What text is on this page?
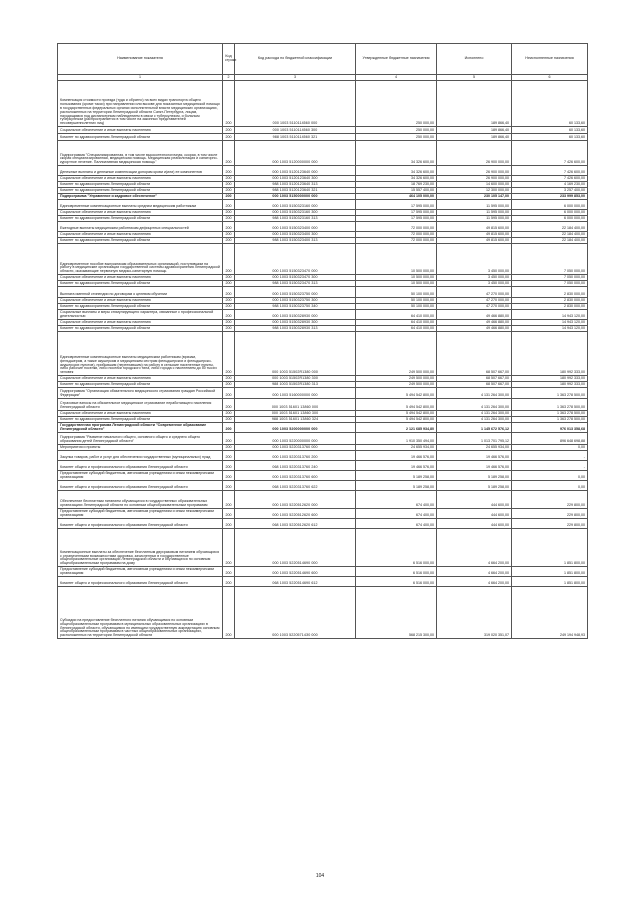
Наименование показателя	Код строки	Код расхода по бюджетной классификации	Утвержденные бюджетные назначения	Исполнено	Неисполненные назначения
1	2	3	4	5	6
Компенсация стоимости проезда (туда и обратно) на всех видах транспорта общего пользования (кроме такси) при направлении или вызове для показанных медицинской помощи в государственных федеральных органах исполнительной власти медицинских организациях, расположенных на территории Ленинградской области Санкт-Петербурга, лицам, находящимся под диспансерным наблюдением в связи с туберкулезом, и больным туберкулезом (распространяется в том числе на законных представителей несовершеннолетних лиц)	200	000 1003 5110114560 000	250 000,00	189 866,40	60 133,60
Социальное обеспечение и иные выплаты населению	200	000 1003 5110114560 300	250 000,00	189 866,40	60 133,60
Комитет по здравоохранению Ленинградской области	200	988 1003 5110114560 321	250 000,00	189 866,40	60 133,60
Подпрограмма "Специализированная, в том числе высокотехнологичная, скорая, в том числе скорая специализированная, медицинская помощь. Медицинская реабилитация и санаторно-курортное лечение. Паллиативная медицинская помощь"	200	000 1003 5120000000 000	34 326 600,00	26 900 000,00	7 426 600,00
Денежные выплаты и денежные компенсации донорам крови и(или) ее компонентов	200	000 1003 5120123640 000	34 326 600,00	26 900 000,00	7 426 600,00
Социальное обеспечение и иные выплаты населению	200	000 1003 5120123640 300	34 326 600,00	26 900 000,00	7 426 600,00
Комитет по здравоохранению Ленинградской области	200	988 1003 5120123640 313	18 769 230,00	14 600 000,00	4 169 230,00
Комитет по здравоохранению Ленинградской области	200	988 1003 5120123640 321	15 557 400,00	12 300 000,00	3 257 400,00
Подпрограмма "Управление и кадровое обеспечение"	200	000 1003 5150000000 000	464 105 000,00	230 105 147,00	233 999 853,00
Единовременные компенсационные выплаты средним медицинским работникам	200	000 1003 5150323160 000	17 595 000,00	11 595 000,00	6 000 000,00
Социальное обеспечение и иные выплаты населению	200	000 1003 5150323160 300	17 595 000,00	11 595 000,00	6 000 000,00
Комитет по здравоохранению Ленинградской области	200	988 1003 5150323160 313	17 595 000,00	11 595 000,00	6 000 000,00
Ежегодные выплаты медицинским работникам дефицитных специальностей	200	000 1003 5150323400 000	72 000 000,00	49 815 600,00	22 184 400,00
Социальное обеспечение и иные выплаты населению	200	000 1003 5150323400 300	72 000 000,00	49 815 600,00	22 184 400,00
Комитет по здравоохранению Ленинградской области	200	988 1003 5150323400 313	72 000 000,00	49 815 600,00	22 184 400,00
Единовременное пособие выпускникам образовательных организаций, поступившим на работу в медицинские организации государственной системы здравоохранения Ленинградской области, оказывающие первичную медико-санитарную помощь	200	000 1003 5150323470 000	10 500 000,00	3 450 000,00	7 050 000,00
Социальное обеспечение и иные выплаты населению	200	000 1003 5150323470 300	10 500 000,00	3 450 000,00	7 050 000,00
Комитет по здравоохранению Ленинградской области	200	988 1003 5150323470 313	10 500 000,00	3 450 000,00	7 050 000,00
Выплата именной стипендии по договорам о целевом обучении	200	000 1003 5150323750 000	50 100 000,00	47 270 000,00	2 830 000,00
Социальное обеспечение и иные выплаты населению	200	000 1003 5150323750 300	50 100 000,00	47 270 000,00	2 830 000,00
Комитет по здравоохранению Ленинградской области	200	988 1003 5150323750 340	50 100 000,00	47 270 000,00	2 830 000,00
Социальные выплаты и меры стимулирующего характера, связанные с профессиональной деятельностью	200	000 1003 5150328930 000	64 410 000,00	49 466 880,00	14 943 120,00
Социальное обеспечение и иные выплаты населению	200	000 1003 5150328930 300	64 410 000,00	49 466 880,00	14 943 120,00
Комитет по здравоохранению Ленинградской области	200	988 1003 5150328930 313	64 410 000,00	49 466 880,00	14 943 120,00
Единовременные компенсационные выплаты медицинским работникам (врачам, фельдшерам, а также акушеркам и медицинским сестрам фельдшерских и фельдшерско-акушерских пунктов), прибывшим (переехавшим) на работу в сельские населенные пункты, либо рабочие поселки, либо поселки городского типа, либо города с населением до 50 тысяч человек	200	000 1003 51502R1380 000	249 500 000,00	68 507 667,00	180 992 333,00
Социальное обеспечение и иные выплаты населению	200	000 1003 51502R1380 300	249 500 000,00	68 507 667,00	180 992 333,00
Комитет по здравоохранению Ленинградской области	200	988 1003 51502R1380 313	249 500 000,00	68 507 667,00	180 992 333,00
Подпрограмма "Организация обязательного медицинского страхования граждан Российской Федерации"	200	000 1003 5160000000 000	5 494 542 800,00	4 131 264 300,00	1 363 278 500,00
Страховые взносы на обязательное медицинское страхование неработающего населения Ленинградской области	200	000 1003 51601 13860 000	5 494 542 800,00	4 131 264 300,00	1 363 278 500,00
Социальное обеспечение и иные выплаты населению	200	000 1003 51601 13860 300	5 494 542 800,00	4 131 264 300,00	1 363 278 500,00
Комитет по здравоохранению Ленинградской области	200	988 1003 51601 13860 324	5 494 542 800,00	4 131 264 300,00	1 363 278 500,00
Государственная программа Ленинградской области "Современное образование Ленинградской области"	200	000 1003 5200000000 000	2 121 685 934,80	1 145 672 576,12	976 013 358,68
Подпрограмма "Развитие начального общего, основного общего и среднего общего образования детей Ленинградской области"	200	000 1003 5220000000 000	1 910 350 494,00	1 013 701 795,12	896 648 698,88
Мероприятия и проекты	200	000 1003 5220313760 000	24 655 934,00	24 655 934,00	0,00
Закупка товаров, работ и услуг для обеспечения государственных (муниципальных) нужд	200	000 1003 5220313760 200	19 466 576,00	19 466 576,00	-
Комитет общего и профессионального образования Ленинградской области	200	068 1003 5220313760 240	19 466 576,00	19 466 576,00	-
Предоставление субсидий бюджетным, автономным учреждениям и иным некоммерческим организациям	200	000 1003 5220313760 600	5 189 258,00	5 189 258,00	0,00
Комитет общего и профессионального образования Ленинградской области	200	068 1003 5220313760 622	5 189 258,00	5 189 258,00	0,00
Обеспечение бесплатным питанием обучающихся в государственных образовательных организациях Ленинградской области по основным общеобразовательным программам	200	000 1003 5220512620 000	674 400,00	444 600,00	229 800,00
Предоставление субсидий бюджетным, автономным учреждениям и иным некоммерческим организациям	200	000 1003 5220512620 600	674 400,00	444 600,00	229 800,00
Комитет общего и профессионального образования Ленинградской области	200	068 1003 5220512620 612	674 400,00	444 600,00	229 800,00
Компенсационные выплаты за обеспечение бесплатным двухразовым питанием обучающихся с ограниченными возможностями здоровья, зачисленных в государственные общеобразовательные организации Ленинградской области и обучающихся по основным общеобразовательным программам на дому	200	000 1003 5220514690 000	6 516 000,00	4 664 200,00	1 851 800,00
Предоставление субсидий бюджетным, автономным учреждениям и иным некоммерческим организациям	200	000 1003 5220514690 600	6 516 000,00	4 664 200,00	1 851 800,00
Комитет общего и профессионального образования Ленинградской области	200	068 1003 5220514690 612	6 516 000,00	4 664 200,00	1 851 800,00
Субсидии на предоставление бесплатного питания обучающимся по основным общеобразовательным программам в муниципальных образовательных организациях в Ленинградской области, обучающимся по имеющим государственную аккредитацию основным общеобразовательным программам в частных общеобразовательных организациях, расположенных на территории Ленинградской области	200	000 1003 52205714З0 000	568 215 300,00	319 020 351,07	249 194 948,93
104
